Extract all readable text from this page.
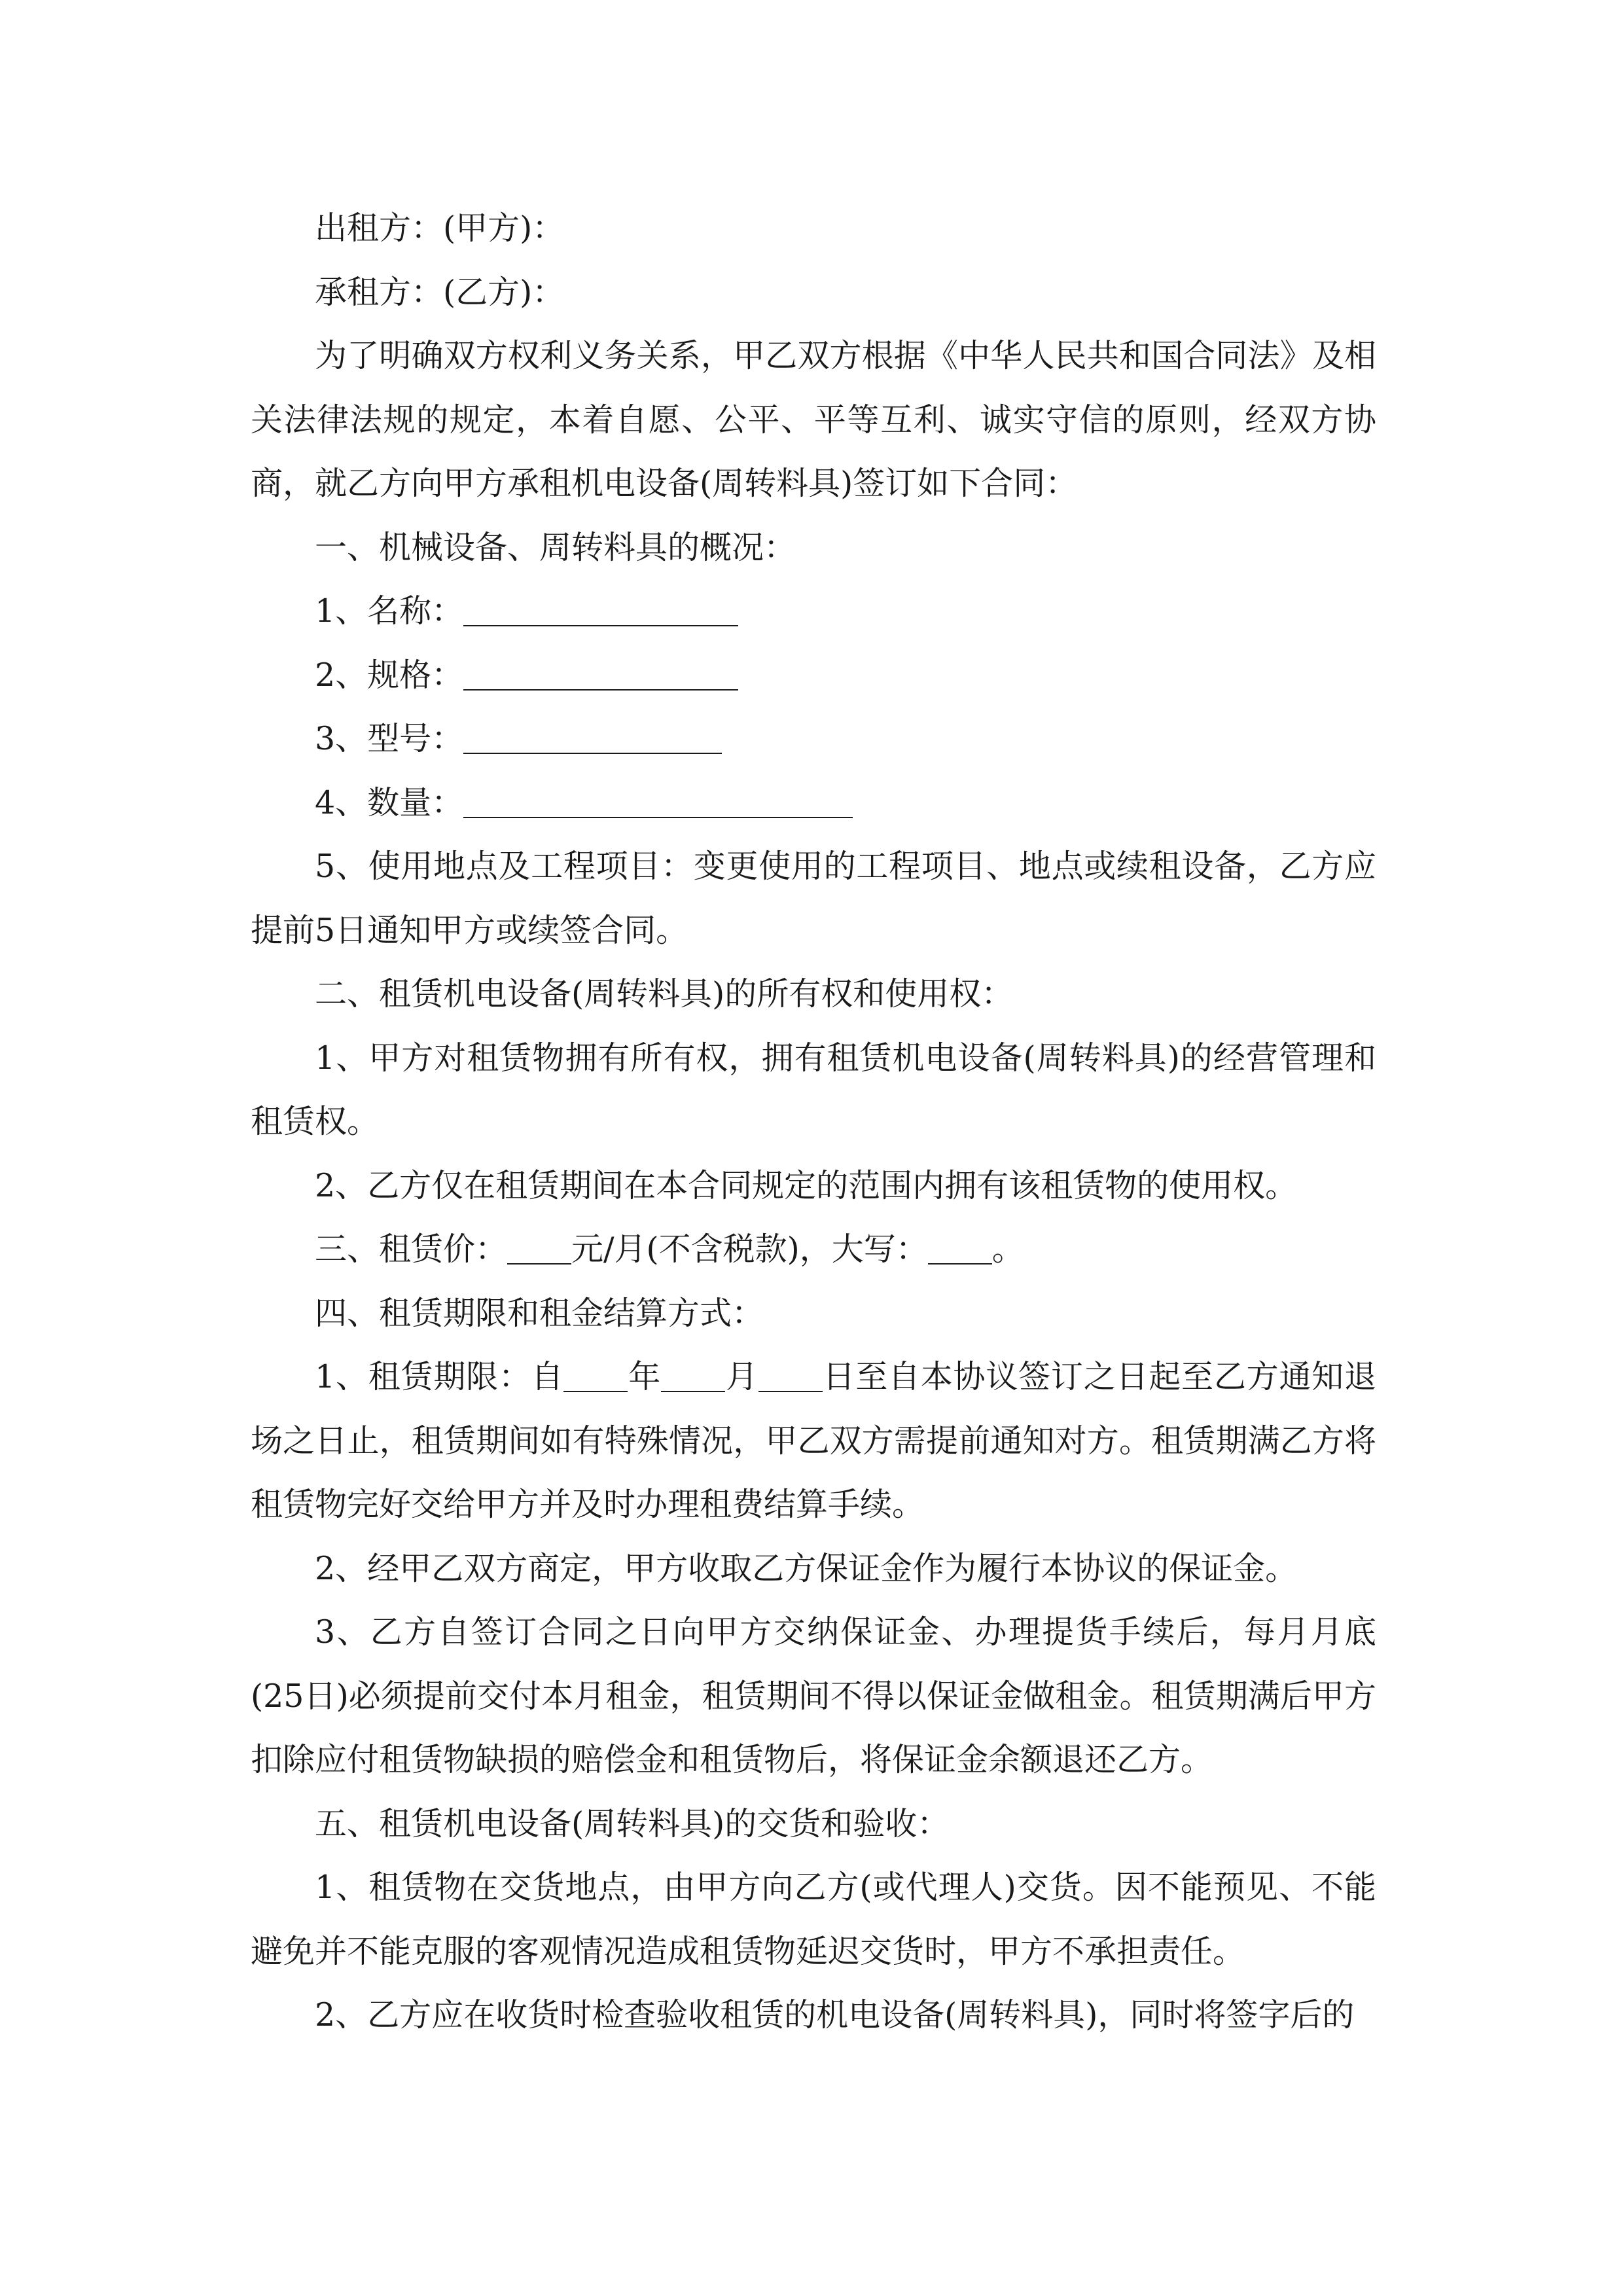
出租方：(甲方)：

承租方：(乙方)：

为了明确双方权利义务关系，甲乙双方根据《中华人民共和国合同法》及相关法律法规的规定，本着自愿、公平、平等互利、诚实守信的原则，经双方协商，就乙方向甲方承租机电设备(周转料具)签订如下合同：

一、机械设备、周转料具的概况：

1、名称：

2、规格：

3、型号：

4、数量：

5、使用地点及工程项目：变更使用的工程项目、地点或续租设备，乙方应提前5日通知甲方或续签合同。

二、租赁机电设备(周转料具)的所有权和使用权：

1、甲方对租赁物拥有所有权，拥有租赁机电设备(周转料具)的经营管理和租赁权。

2、乙方仅在租赁期间在本合同规定的范围内拥有该租赁物的使用权。

三、租赁价： 元/月(不含税款)，大写： 。

四、租赁期限和租金结算方式：

1、租赁期限：自 年 月 日至自本协议签订之日起至乙方通知退场之日止，租赁期间如有特殊情况，甲乙双方需提前通知对方。租赁期满乙方将租赁物完好交给甲方并及时办理租费结算手续。

2、经甲乙双方商定，甲方收取乙方保证金作为履行本协议的保证金。

3、乙方自签订合同之日向甲方交纳保证金、办理提货手续后，每月月底(25日)必须提前交付本月租金，租赁期间不得以保证金做租金。租赁期满后甲方扣除应付租赁物缺损的赔偿金和租赁物后，将保证金余额退还乙方。

五、租赁机电设备(周转料具)的交货和验收：

1、租赁物在交货地点，由甲方向乙方(或代理人)交货。因不能预见、不能避免并不能克服的客观情况造成租赁物延迟交货时，甲方不承担责任。

2、乙方应在收货时检查验收租赁的机电设备(周转料具)，同时将签字后的
